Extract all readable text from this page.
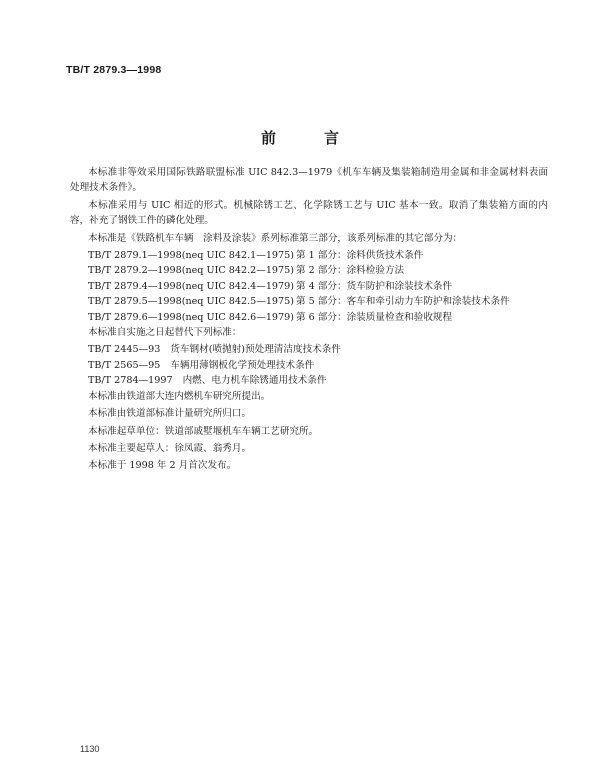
TB/T 2879.3—1998
前	言

本标准非等效采用国际铁路联盟标准 UIC 842.3—1979《机车车辆及集装箱制造用金属和非金属材料表面处理技术条件》。

本标准采用与 UIC 相近的形式。机械除锈工艺、化学除锈工艺与 UIC 基本一致。取消了集装箱方面的内容，补充了钢铁工件的磷化处理。

本标准是《铁路机车车辆　涂料及涂装》系列标准第三部分，该系列标准的其它部分为：

TB/T 2879.1—1998(neq UIC 842.1—1975) 第 1 部分：涂料供货技术条件
TB/T 2879.2—1998(neq UIC 842.2—1975) 第 2 部分：涂料检验方法
TB/T 2879.4—1998(neq UIC 842.4—1979) 第 4 部分：货车防护和涂装技术条件
TB/T 2879.5—1998(neq UIC 842.5—1975) 第 5 部分：客车和牵引动力车防护和涂装技术条件
TB/T 2879.6—1998(neq UIC 842.6—1979) 第 6 部分：涂装质量检查和验收规程

本标准自实施之日起替代下列标准：

TB/T 2445—93 货车钢材(喷抛射)预处理清洁度技术条件
TB/T 2565—95 车辆用薄钢板化学预处理技术条件
TB/T 2784—1997 内燃、电力机车除锈通用技术条件

本标准由铁道部大连内燃机车研究所提出。

本标准由铁道部标准计量研究所归口。

本标准起草单位：铁道部戚墅堰机车车辆工艺研究所。

本标准主要起草人：徐凤霞、翁秀月。

本标准于 1998 年 2 月首次发布。

1130
